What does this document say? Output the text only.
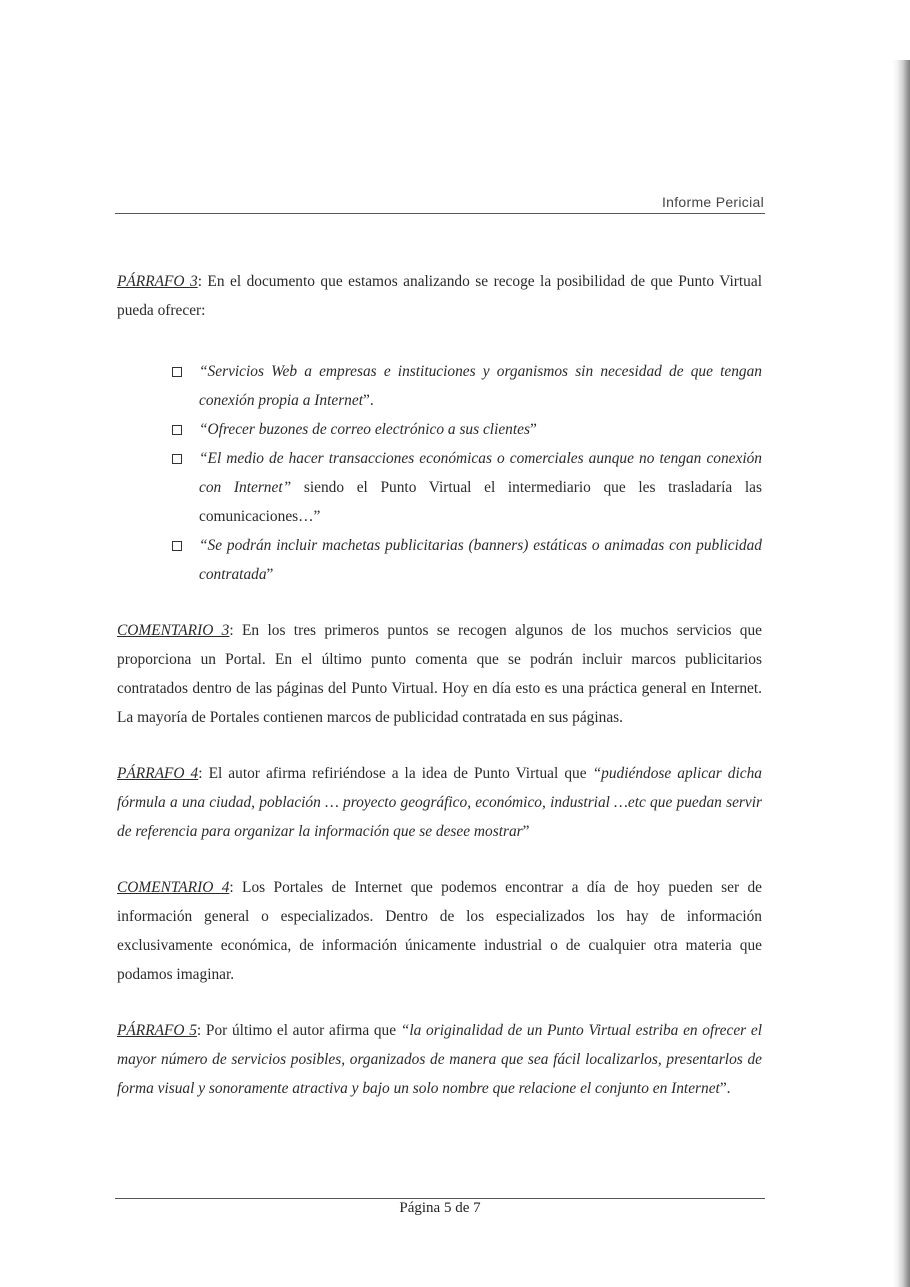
Informe Pericial

PÁRRAFO 3: En el documento que estamos analizando se recoge la posibilidad de que Punto Virtual pueda ofrecer:

“Servicios Web a empresas e instituciones y organismos sin necesidad de que tengan conexión propia a Internet”.
“Ofrecer buzones de correo electrónico a sus clientes”
“El medio de hacer transacciones económicas o comerciales aunque no tengan conexión con Internet” siendo el Punto Virtual el intermediario que les trasladaría las comunicaciones…”
“Se podrán incluir machetas publicitarias (banners) estáticas o animadas con publicidad contratada”

COMENTARIO 3: En los tres primeros puntos se recogen algunos de los muchos servicios que proporciona un Portal. En el último punto comenta que se podrán incluir marcos publicitarios contratados dentro de las páginas del Punto Virtual. Hoy en día esto es una práctica general en Internet. La mayoría de Portales contienen marcos de publicidad contratada en sus páginas.

PÁRRAFO 4: El autor afirma refiriéndose a la idea de Punto Virtual que “pudiéndose aplicar dicha fórmula a una ciudad, población … proyecto geográfico, económico, industrial …etc que puedan servir de referencia para organizar la información que se desee mostrar”

COMENTARIO 4: Los Portales de Internet que podemos encontrar a día de hoy pueden ser de información general o especializados. Dentro de los especializados los hay de información exclusivamente económica, de información únicamente industrial o de cualquier otra materia que podamos imaginar.

PÁRRAFO 5: Por último el autor afirma que “la originalidad de un Punto Virtual estriba en ofrecer el mayor número de servicios posibles, organizados de manera que sea fácil localizarlos, presentarlos de forma visual y sonoramente atractiva y bajo un solo nombre que relacione el conjunto en Internet”.

Página 5 de 7
